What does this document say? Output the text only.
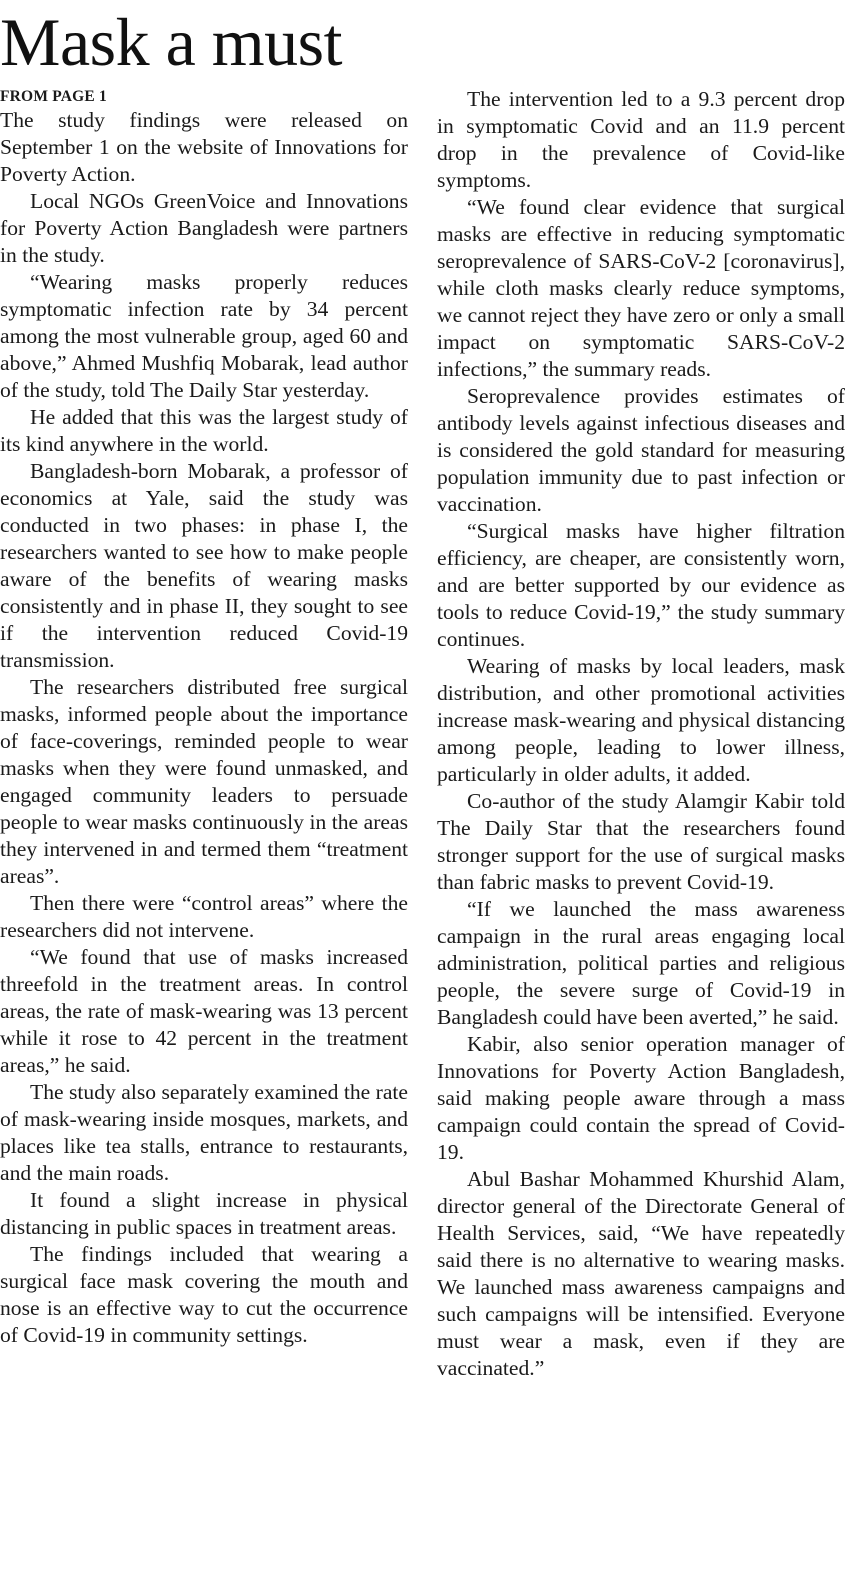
Mask a must
FROM PAGE 1

The study findings were released on September 1 on the website of Innovations for Poverty Action.

Local NGOs GreenVoice and Innovations for Poverty Action Bangladesh were partners in the study.

“Wearing masks properly reduces symptomatic infection rate by 34 percent among the most vulnerable group, aged 60 and above,” Ahmed Mushfiq Mobarak, lead author of the study, told The Daily Star yesterday.

He added that this was the largest study of its kind anywhere in the world.

Bangladesh-born Mobarak, a professor of economics at Yale, said the study was conducted in two phases: in phase I, the researchers wanted to see how to make people aware of the benefits of wearing masks consistently and in phase II, they sought to see if the intervention reduced Covid-19 transmission.

The researchers distributed free surgical masks, informed people about the importance of face-coverings, reminded people to wear masks when they were found unmasked, and engaged community leaders to persuade people to wear masks continuously in the areas they intervened in and termed them “treatment areas”.

Then there were “control areas” where the researchers did not intervene.

“We found that use of masks increased threefold in the treatment areas. In control areas, the rate of mask-wearing was 13 percent while it rose to 42 percent in the treatment areas,” he said.

The study also separately examined the rate of mask-wearing inside mosques, markets, and places like tea stalls, entrance to restaurants, and the main roads.

It found a slight increase in physical distancing in public spaces in treatment areas.

The findings included that wearing a surgical face mask covering the mouth and nose is an effective way to cut the occurrence of Covid-19 in community settings.

The intervention led to a 9.3 percent drop in symptomatic Covid and an 11.9 percent drop in the prevalence of Covid-like symptoms.

“We found clear evidence that surgical masks are effective in reducing symptomatic seroprevalence of SARS-CoV-2 [coronavirus], while cloth masks clearly reduce symptoms, we cannot reject they have zero or only a small impact on symptomatic SARS-CoV-2 infections,” the summary reads.

Seroprevalence provides estimates of antibody levels against infectious diseases and is considered the gold standard for measuring population immunity due to past infection or vaccination.

“Surgical masks have higher filtration efficiency, are cheaper, are consistently worn, and are better supported by our evidence as tools to reduce Covid-19,” the study summary continues.

Wearing of masks by local leaders, mask distribution, and other promotional activities increase mask-wearing and physical distancing among people, leading to lower illness, particularly in older adults, it added.

Co-author of the study Alamgir Kabir told The Daily Star that the researchers found stronger support for the use of surgical masks than fabric masks to prevent Covid-19.

“If we launched the mass awareness campaign in the rural areas engaging local administration, political parties and religious people, the severe surge of Covid-19 in Bangladesh could have been averted,” he said.

Kabir, also senior operation manager of Innovations for Poverty Action Bangladesh, said making people aware through a mass campaign could contain the spread of Covid-19.

Abul Bashar Mohammed Khurshid Alam, director general of the Directorate General of Health Services, said, “We have repeatedly said there is no alternative to wearing masks. We launched mass awareness campaigns and such campaigns will be intensified. Everyone must wear a mask, even if they are vaccinated.”
